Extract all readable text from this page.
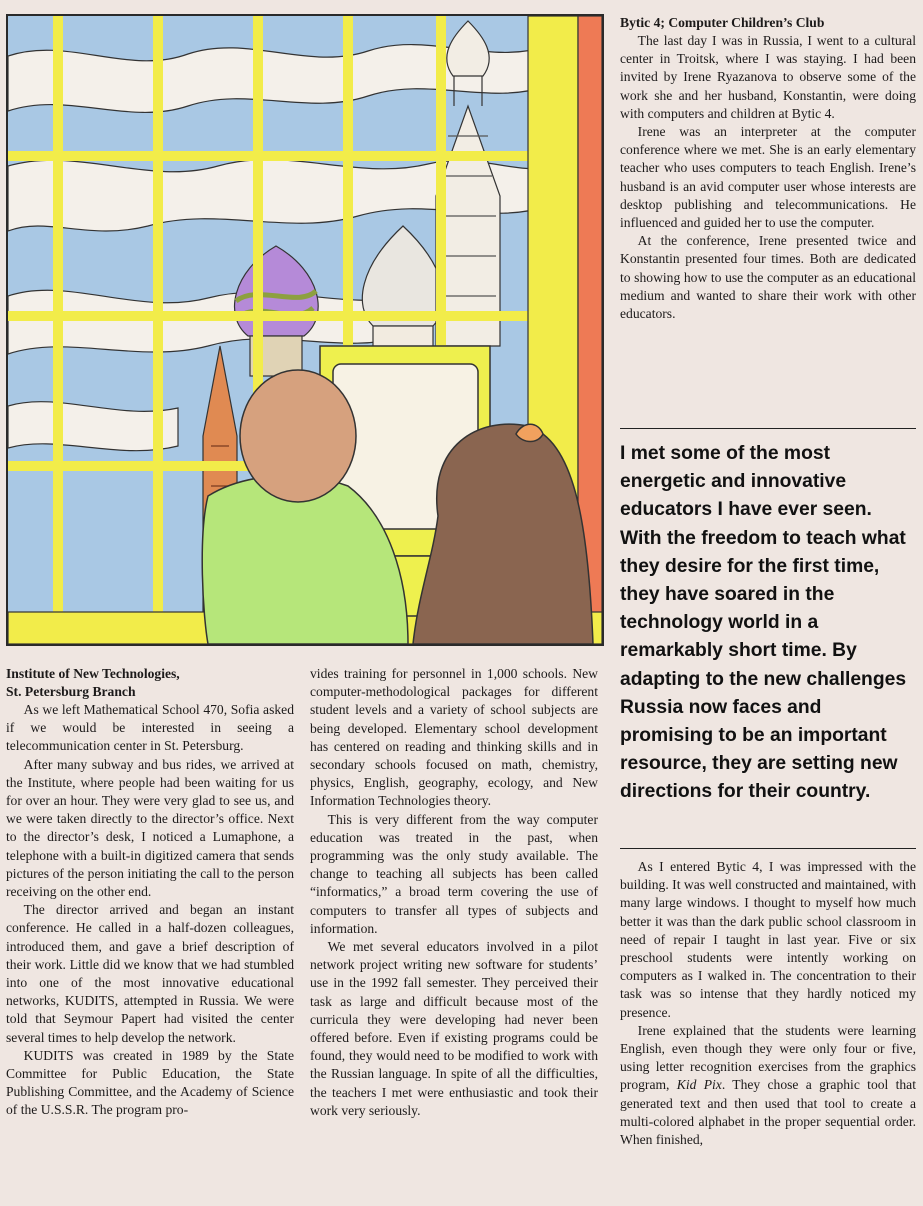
Institute of New Technologies,
St. Petersburg Branch

As we left Mathematical School 470, Sofia asked if we would be interested in seeing a telecommunication center in St. Petersburg.

After many subway and bus rides, we arrived at the Institute, where people had been waiting for us for over an hour. They were very glad to see us, and we were taken directly to the director’s office. Next to the director’s desk, I noticed a Lumaphone, a telephone with a built-in digitized camera that sends pictures of the person initiating the call to the person receiving on the other end.

The director arrived and began an instant conference. He called in a half-dozen colleagues, introduced them, and gave a brief description of their work. Little did we know that we had stumbled into one of the most innovative educational networks, KUDITS, attempted in Russia. We were told that Seymour Papert had visited the center several times to help develop the network.

KUDITS was created in 1989 by the State Committee for Public Education, the State Publishing Committee, and the Academy of Science of the U.S.S.R. The program pro-

vides training for personnel in 1,000 schools. New computer-methodological packages for different student levels and a variety of school subjects are being developed. Elementary school development has centered on reading and thinking skills and in secondary schools focused on math, chemistry, physics, English, geography, ecology, and New Information Technologies theory.

This is very different from the way computer education was treated in the past, when programming was the only study available. The change to teaching all subjects has been called “informatics,” a broad term covering the use of computers to transfer all types of subjects and information.

We met several educators involved in a pilot network project writing new software for students’ use in the 1992 fall semester. They perceived their task as large and difficult because most of the curricula they were developing had never been offered before. Even if existing programs could be found, they would need to be modified to work with the Russian language. In spite of all the difficulties, the teachers I met were enthusiastic and took their work very seriously.

Bytic 4; Computer Children’s Club

The last day I was in Russia, I went to a cultural center in Troitsk, where I was staying. I had been invited by Irene Ryazanova to observe some of the work she and her husband, Konstantin, were doing with computers and children at Bytic 4.

Irene was an interpreter at the computer conference where we met. She is an early elementary teacher who uses computers to teach English. Irene’s husband is an avid computer user whose interests are desktop publishing and telecommunications. He influenced and guided her to use the computer.

At the conference, Irene presented twice and Konstantin presented four times. Both are dedicated to showing how to use the computer as an educational medium and wanted to share their work with other educators.

I met some of the most energetic and innovative educators I have ever seen. With the freedom to teach what they desire for the first time, they have soared in the technology world in a remarkably short time. By adapting to the new challenges Russia now faces and promising to be an important resource, they are setting new directions for their country.

As I entered Bytic 4, I was impressed with the building. It was well constructed and maintained, with many large windows. I thought to myself how much better it was than the dark public school classroom in need of repair I taught in last year. Five or six preschool students were intently working on computers as I walked in. The concentration to their task was so intense that they hardly noticed my presence.

Irene explained that the students were learning English, even though they were only four or five, using letter recognition exercises from the graphics program, Kid Pix. They chose a graphic tool that generated text and then used that tool to create a multi-colored alphabet in the proper sequential order. When finished,
